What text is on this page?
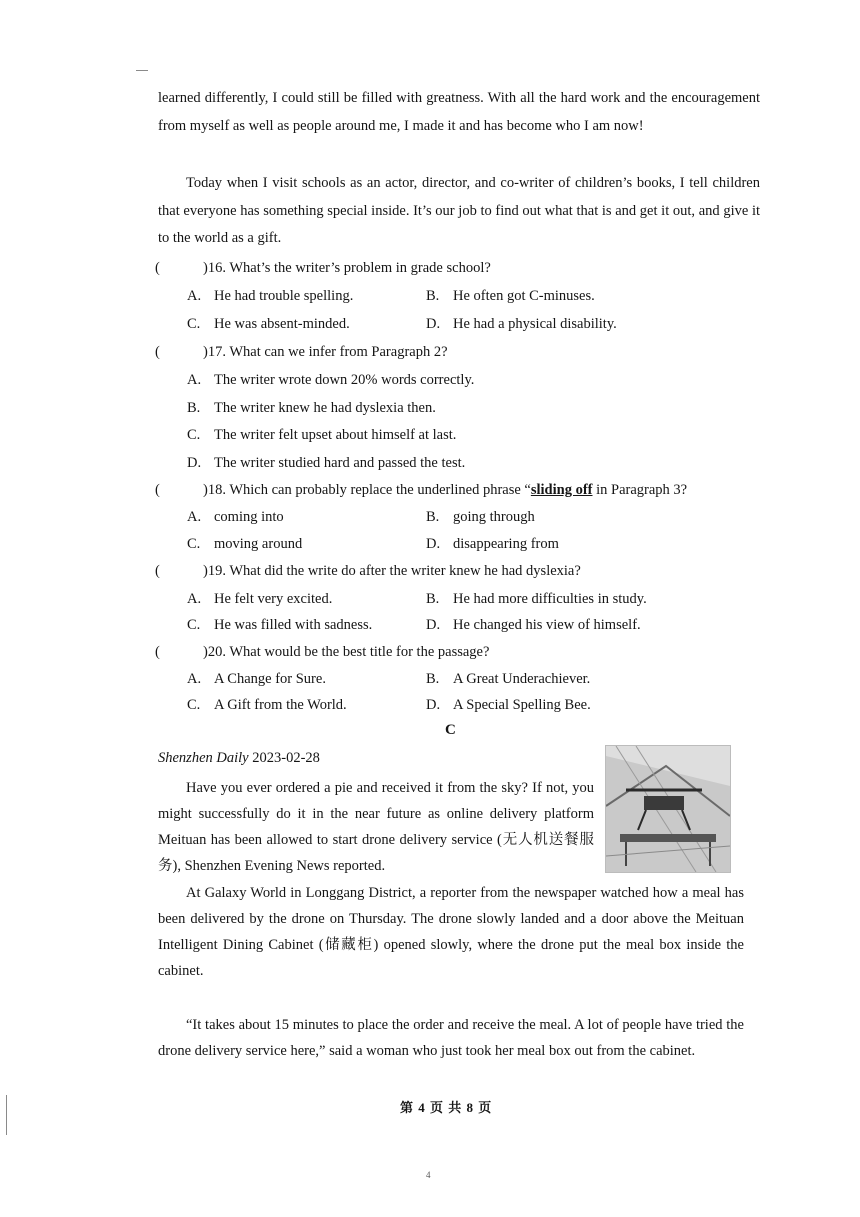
learned differently, I could still be filled with greatness. With all the hard work and the encouragement from myself as well as people around me, I made it and has become who I am now!

Today when I visit schools as an actor, director, and co-writer of children’s books, I tell children that everyone has something special inside. It’s our job to find out what that is and get it out, and give it to the world as a gift.

(	)16. What’s the writer’s problem in grade school?
A. He had trouble spelling.	B. He often got C-minuses.
C. He was absent-minded.	D. He had a physical disability.
(	)17. What can we infer from Paragraph 2?
A. The writer wrote down 20% words correctly.
B. The writer knew he had dyslexia then.
C. The writer felt upset about himself at last.
D. The writer studied hard and passed the test.
(	)18. Which can probably replace the underlined phrase “sliding off in Paragraph 3?
A. coming into	B. going through
C. moving around	D. disappearing from
(	)19. What did the write do after the writer knew he had dyslexia?
A. He felt very excited.	B. He had more difficulties in study.
C. He was filled with sadness.	D. He changed his view of himself.
(	)20. What would be the best title for the passage?
A. A Change for Sure.	B. A Great Underachiever.
C. A Gift from the World.	D. A Special Spelling Bee.
C
Shenzhen Daily 2023-02-28

Have you ever ordered a pie and received it from the sky? If not, you might successfully do it in the near future as online delivery platform Meituan has been allowed to start drone delivery service (无人机送餐服务), Shenzhen Evening News reported.

At Galaxy World in Longgang District, a reporter from the newspaper watched how a meal has been delivered by the drone on Thursday. The drone slowly landed and a door above the Meituan Intelligent Dining Cabinet (储藏柜) opened slowly, where the drone put the meal box inside the cabinet.

“It takes about 15 minutes to place the order and receive the meal. A lot of people have tried the drone delivery service here,” said a woman who just took her meal box out from the cabinet.

第 4 页 共 8 页
4
